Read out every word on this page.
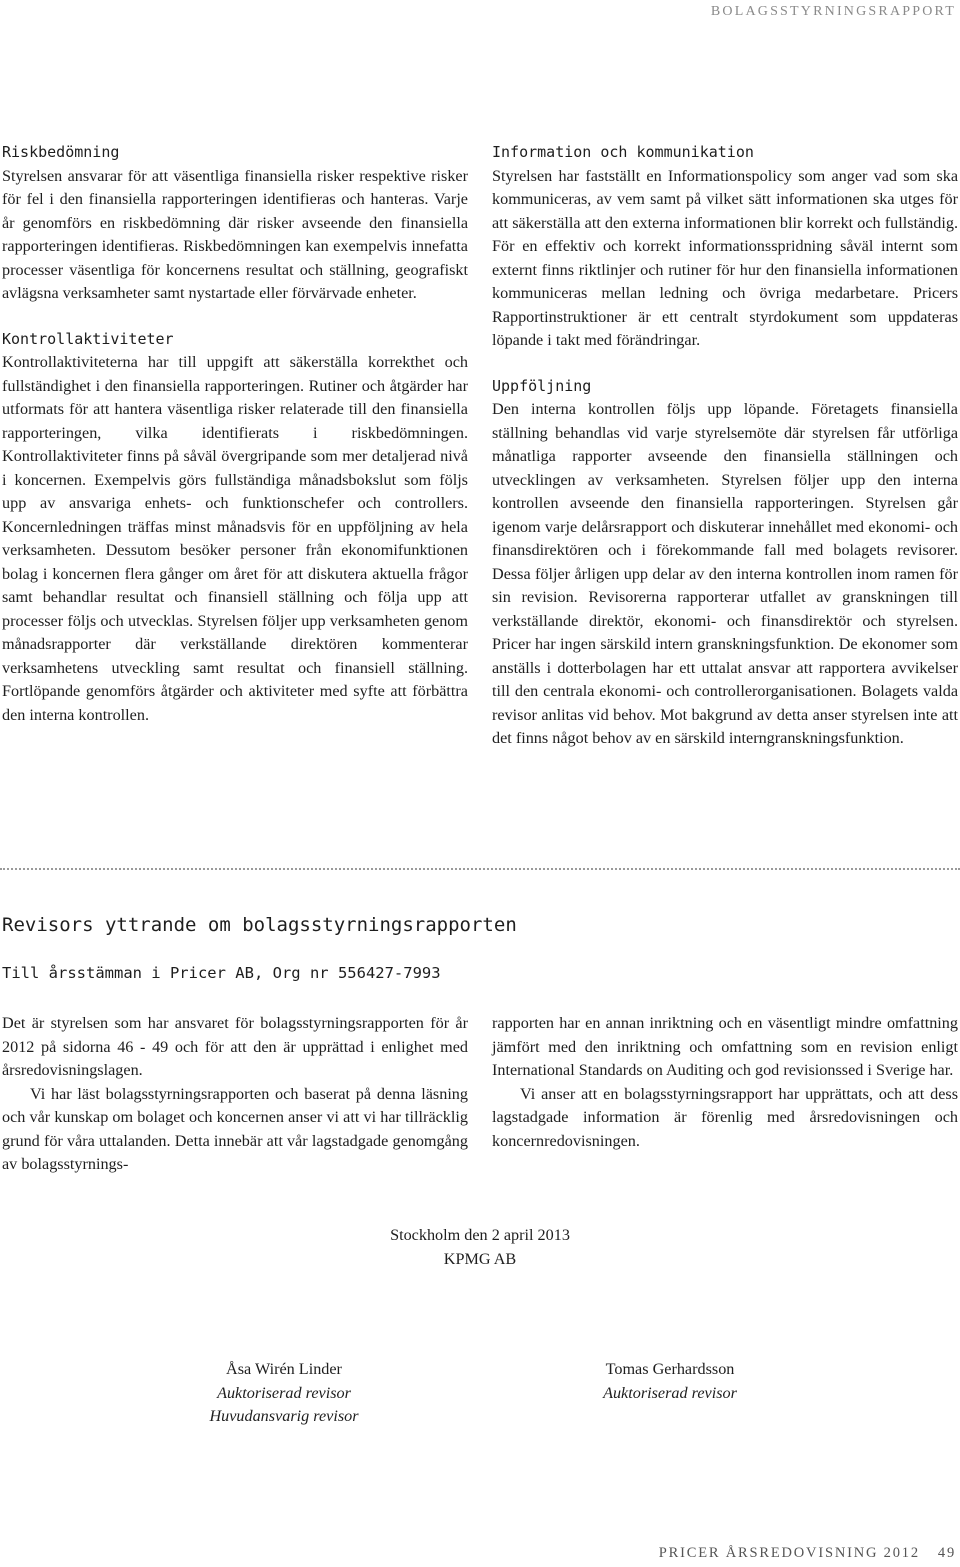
BOLAGSSTYRNINGSRAPPORT
Riskbedömning

Styrelsen ansvarar för att väsentliga finansiella risker respektive risker för fel i den finansiella rapporteringen identifieras och hanteras. Varje år genomförs en riskbedömning där risker avseende den finansiella rapporteringen identifieras. Riskbedömningen kan exempelvis innefatta processer väsentliga för koncernens resultat och ställning, geografiskt avlägsna verksamheter samt nystartade eller förvärvade enheter.

Kontrollaktiviteter

Kontrollaktiviteterna har till uppgift att säkerställa korrekthet och fullständighet i den finansiella rapporteringen. Rutiner och åtgärder har utformats för att hantera väsentliga risker relaterade till den finansiella rapporteringen, vilka identifierats i riskbedömningen. Kontrollaktiviteter finns på såväl övergripande som mer detaljerad nivå i koncernen. Exempelvis görs fullständiga månadsbokslut som följs upp av ansvariga enhets- och funktionschefer och controllers. Koncernledningen träffas minst månadsvis för en uppföljning av hela verksamheten. Dessutom besöker personer från ekonomifunktionen bolag i koncernen flera gånger om året för att diskutera aktuella frågor samt behandlar resultat och finansiell ställning och följa upp att processer följs och utvecklas. Styrelsen följer upp verksamheten genom månadsrapporter där verkställande direktören kommenterar verksamhetens utveckling samt resultat och finansiell ställning. Fortlöpande genomförs åtgärder och aktiviteter med syfte att förbättra den interna kontrollen.

Information och kommunikation

Styrelsen har fastställt en Informationspolicy som anger vad som ska kommuniceras, av vem samt på vilket sätt informationen ska utges för att säkerställa att den externa informationen blir korrekt och fullständig. För en effektiv och korrekt informationsspridning såväl internt som externt finns riktlinjer och rutiner för hur den finansiella informationen kommuniceras mellan ledning och övriga medarbetare. Pricers Rapportinstruktioner är ett centralt styrdokument som uppdateras löpande i takt med förändringar.

Uppföljning

Den interna kontrollen följs upp löpande. Företagets finansiella ställning behandlas vid varje styrelsemöte där styrelsen får utförliga månatliga rapporter avseende den finansiella ställningen och utvecklingen av verksamheten. Styrelsen följer upp den interna kontrollen avseende den finansiella rapporteringen. Styrelsen går igenom varje delårsrapport och diskuterar innehållet med ekonomi- och finansdirektören och i förekommande fall med bolagets revisorer. Dessa följer årligen upp delar av den interna kontrollen inom ramen för sin revision. Revisorerna rapporterar utfallet av granskningen till verkställande direktör, ekonomi- och finansdirektör och styrelsen. Pricer har ingen särskild intern granskningsfunktion. De ekonomer som anställs i dotterbolagen har ett uttalat ansvar att rapportera avvikelser till den centrala ekonomi- och controllerorganisationen. Bolagets valda revisor anlitas vid behov. Mot bakgrund av detta anser styrelsen inte att det finns något behov av en särskild interngranskningsfunktion.

Revisors yttrande om bolagsstyrningsrapporten
Till årsstämman i Pricer AB, Org nr 556427-7993

Det är styrelsen som har ansvaret för bolagsstyrningsrapporten för år 2012 på sidorna 46 - 49 och för att den är upprättad i enlighet med årsredovisningslagen.

Vi har läst bolagsstyrningsrapporten och baserat på denna läsning och vår kunskap om bolaget och koncernen anser vi att vi har tillräcklig grund för våra uttalanden. Detta innebär att vår lagstadgade genomgång av bolagsstyrnings-

rapporten har en annan inriktning och en väsentligt mindre omfattning jämfört med den inriktning och omfattning som en revision enligt International Standards on Auditing och god revisionssed i Sverige har.

Vi anser att en bolagsstyrningsrapport har upprättats, och att dess lagstadgade information är förenlig med årsredovisningen och koncernredovisningen.

Stockholm den 2 april 2013
KPMG AB
Åsa Wirén Linder
Auktoriserad revisor
Huvudansvarig revisor
Tomas Gerhardsson
Auktoriserad revisor
PRICER ÅRSREDOVISNING 2012 49
